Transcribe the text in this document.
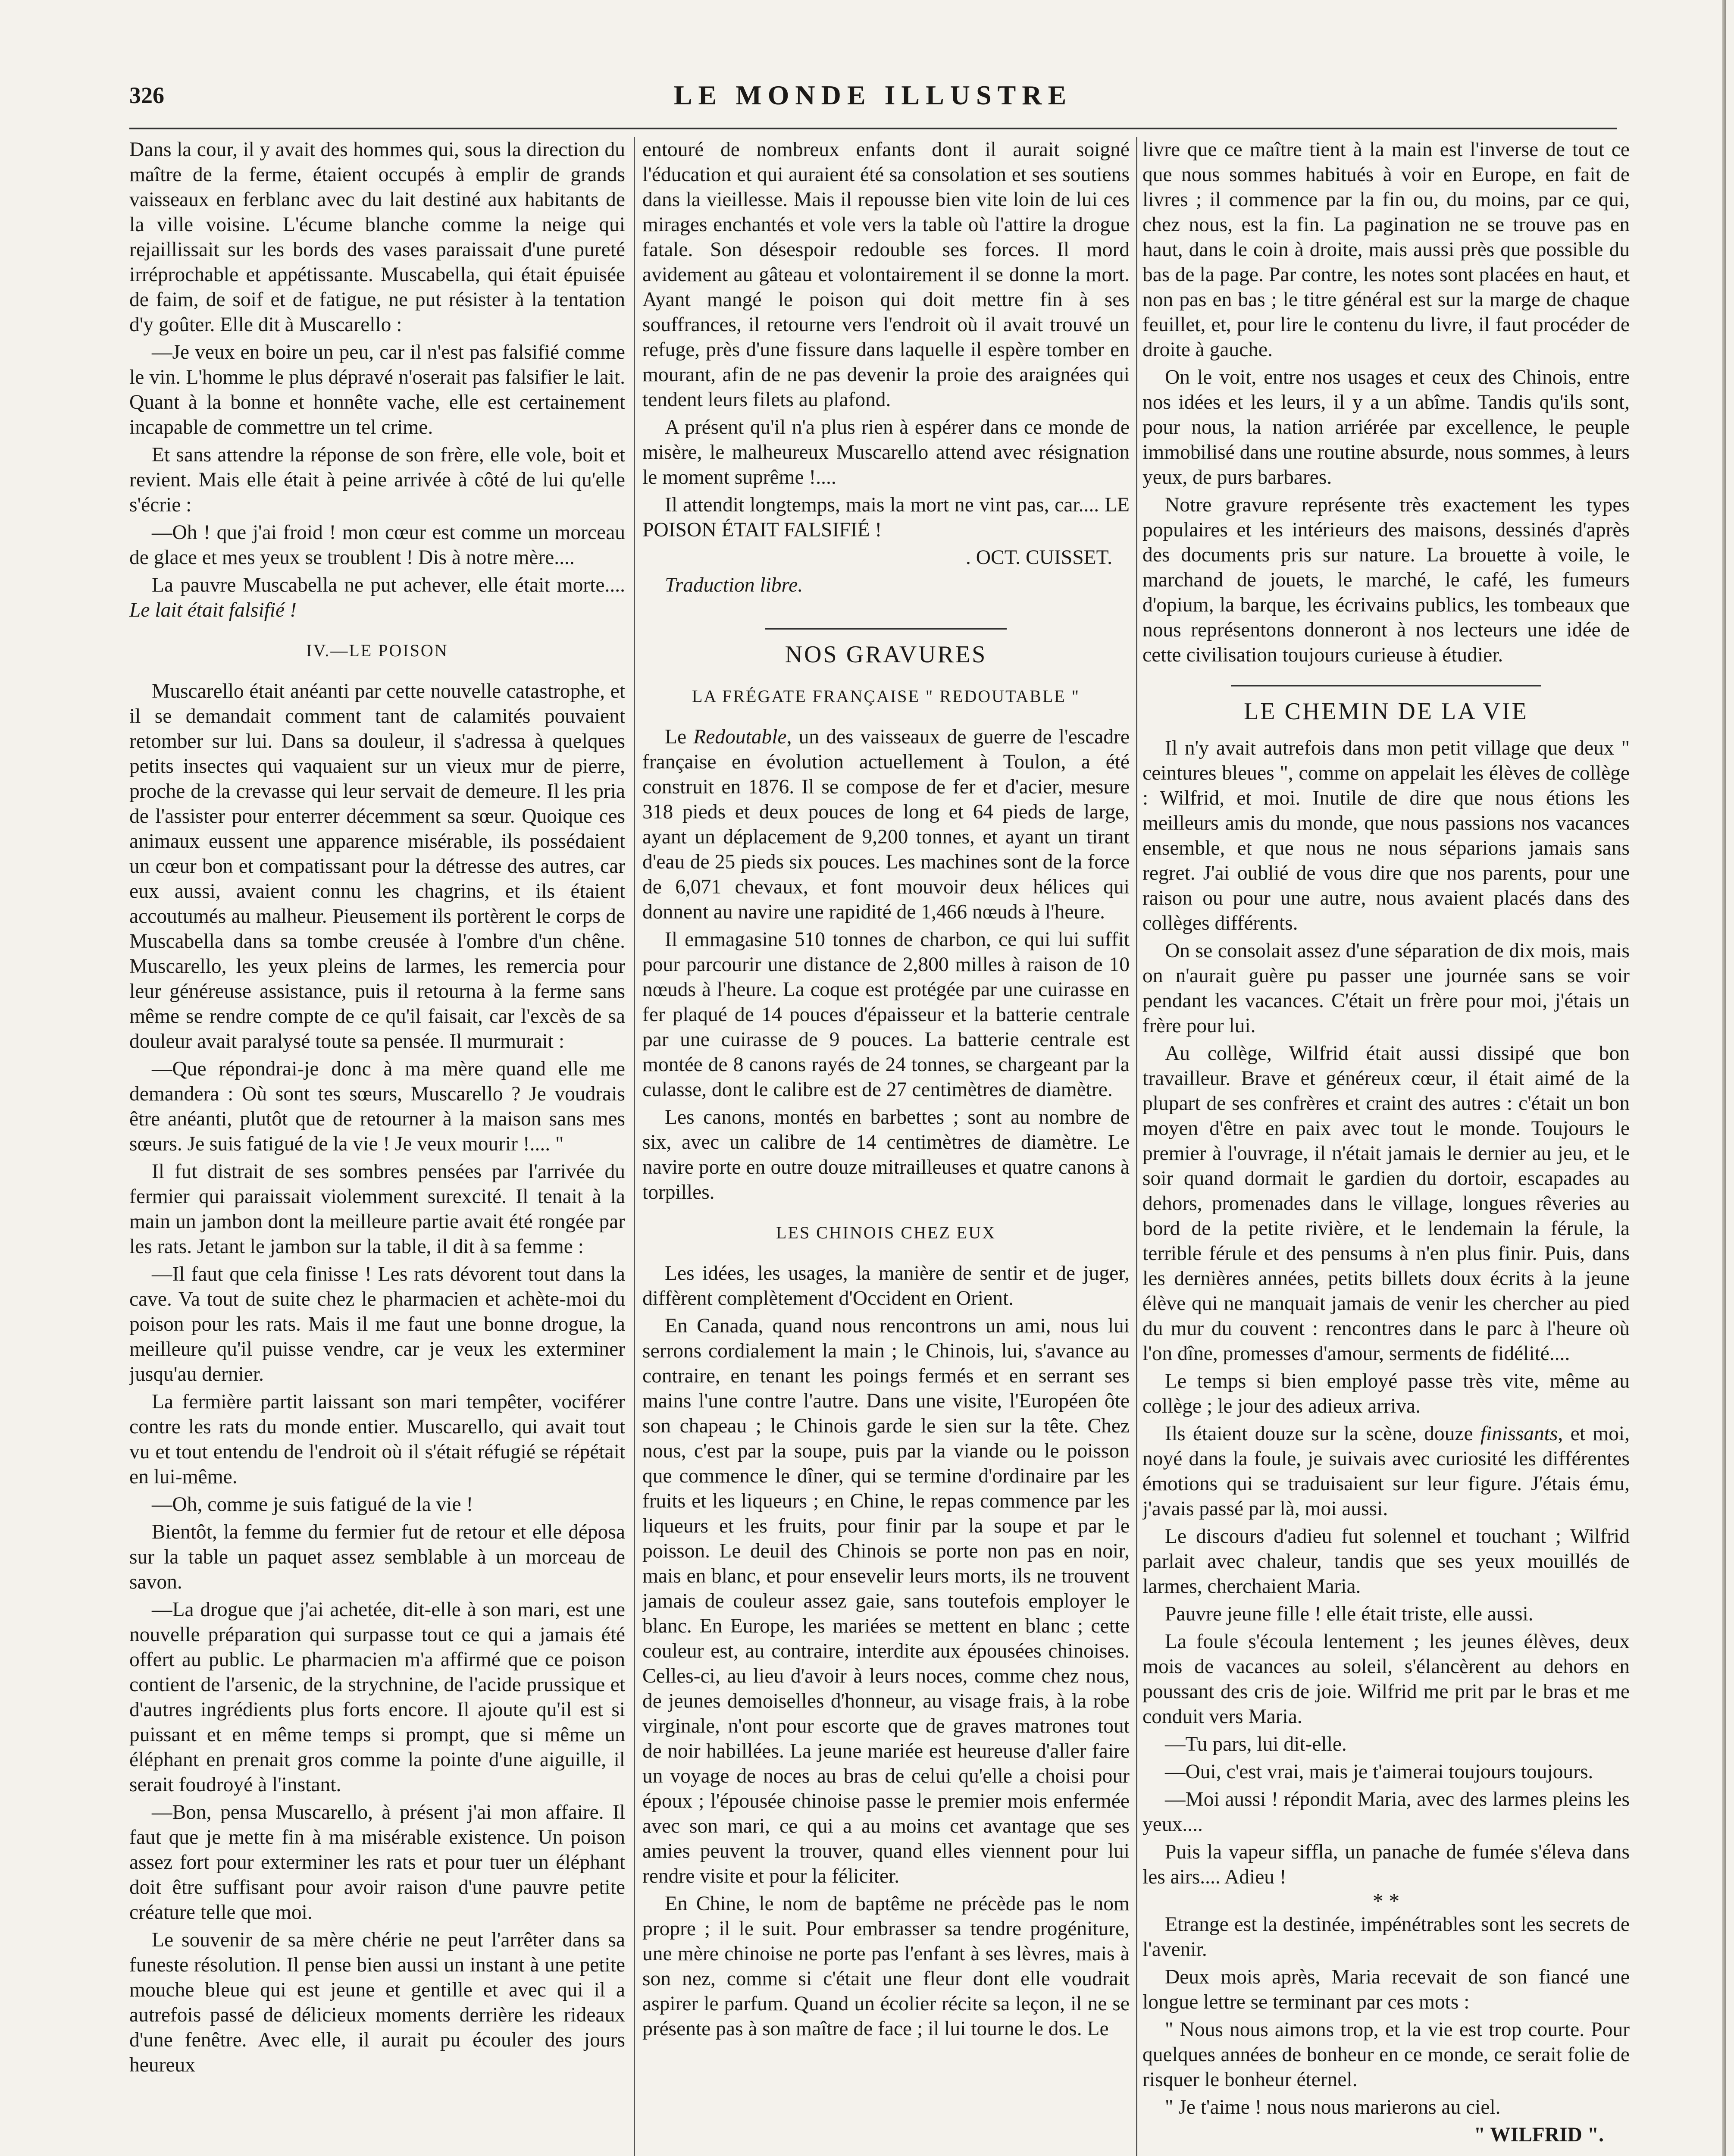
326	LE MONDE ILLUSTRE

Dans la cour, il y avait des hommes qui, sous la direction du maître de la ferme, étaient occupés à emplir de grands vaisseaux en ferblanc avec du lait destiné aux habitants de la ville voisine. L'écume blanche comme la neige qui rejaillissait sur les bords des vases paraissait d'une pureté irréprochable et appétissante. Muscabella, qui était épuisée de faim, de soif et de fatigue, ne put résister à la tentation d'y goûter. Elle dit à Muscarello :

—Je veux en boire un peu, car il n'est pas falsifié comme le vin. L'homme le plus dépravé n'oserait pas falsifier le lait. Quant à la bonne et honnête vache, elle est certainement incapable de commettre un tel crime.

Et sans attendre la réponse de son frère, elle vole, boit et revient. Mais elle était à peine arrivée à côté de lui qu'elle s'écrie :

—Oh ! que j'ai froid ! mon cœur est comme un morceau de glace et mes yeux se troublent ! Dis à notre mère....

La pauvre Muscabella ne put achever, elle était morte.... Le lait était falsifié !

IV.—LE POISON

Muscarello était anéanti par cette nouvelle catastrophe, et il se demandait comment tant de calamités pouvaient retomber sur lui. Dans sa douleur, il s'adressa à quelques petits insectes qui vaquaient sur un vieux mur de pierre, proche de la crevasse qui leur servait de demeure. Il les pria de l'assister pour enterrer décemment sa sœur. Quoique ces animaux eussent une apparence misérable, ils possédaient un cœur bon et compatissant pour la détresse des autres, car eux aussi, avaient connu les chagrins, et ils étaient accoutumés au malheur. Pieusement ils portèrent le corps de Muscabella dans sa tombe creusée à l'ombre d'un chêne. Muscarello, les yeux pleins de larmes, les remercia pour leur généreuse assistance, puis il retourna à la ferme sans même se rendre compte de ce qu'il faisait, car l'excès de sa douleur avait paralysé toute sa pensée. Il murmurait :

—Que répondrai-je donc à ma mère quand elle me demandera : Où sont tes sœurs, Muscarello ? Je voudrais être anéanti, plutôt que de retourner à la maison sans mes sœurs. Je suis fatigué de la vie ! Je veux mourir !.... "

Il fut distrait de ses sombres pensées par l'arrivée du fermier qui paraissait violemment surexcité. Il tenait à la main un jambon dont la meilleure partie avait été rongée par les rats. Jetant le jambon sur la table, il dit à sa femme :

—Il faut que cela finisse ! Les rats dévorent tout dans la cave. Va tout de suite chez le pharmacien et achète-moi du poison pour les rats. Mais il me faut une bonne drogue, la meilleure qu'il puisse vendre, car je veux les exterminer jusqu'au dernier.

La fermière partit laissant son mari tempêter, vociférer contre les rats du monde entier. Muscarello, qui avait tout vu et tout entendu de l'endroit où il s'était réfugié se répétait en lui-même.

—Oh, comme je suis fatigué de la vie !

Bientôt, la femme du fermier fut de retour et elle déposa sur la table un paquet assez semblable à un morceau de savon.

—La drogue que j'ai achetée, dit-elle à son mari, est une nouvelle préparation qui surpasse tout ce qui a jamais été offert au public. Le pharmacien m'a affirmé que ce poison contient de l'arsenic, de la strychnine, de l'acide prussique et d'autres ingrédients plus forts encore. Il ajoute qu'il est si puissant et en même temps si prompt, que si même un éléphant en prenait gros comme la pointe d'une aiguille, il serait foudroyé à l'instant.

—Bon, pensa Muscarello, à présent j'ai mon affaire. Il faut que je mette fin à ma misérable existence. Un poison assez fort pour exterminer les rats et pour tuer un éléphant doit être suffisant pour avoir raison d'une pauvre petite créature telle que moi.

Le souvenir de sa mère chérie ne peut l'arrêter dans sa funeste résolution. Il pense bien aussi un instant à une petite mouche bleue qui est jeune et gentille et avec qui il a autrefois passé de délicieux moments derrière les rideaux d'une fenêtre. Avec elle, il aurait pu écouler des jours heureux

entouré de nombreux enfants dont il aurait soigné l'éducation et qui auraient été sa consolation et ses soutiens dans la vieillesse. Mais il repousse bien vite loin de lui ces mirages enchantés et vole vers la table où l'attire la drogue fatale. Son désespoir redouble ses forces. Il mord avidement au gâteau et volontairement il se donne la mort. Ayant mangé le poison qui doit mettre fin à ses souffrances, il retourne vers l'endroit où il avait trouvé un refuge, près d'une fissure dans laquelle il espère tomber en mourant, afin de ne pas devenir la proie des araignées qui tendent leurs filets au plafond.

A présent qu'il n'a plus rien à espérer dans ce monde de misère, le malheureux Muscarello attend avec résignation le moment suprême !....

Il attendit longtemps, mais la mort ne vint pas, car.... LE POISON ÉTAIT FALSIFIÉ !

. OCT. CUISSET.

Traduction libre.

NOS GRAVURES
LA FRÉGATE FRANÇAISE " REDOUTABLE "

Le Redoutable, un des vaisseaux de guerre de l'escadre française en évolution actuellement à Toulon, a été construit en 1876. Il se compose de fer et d'acier, mesure 318 pieds et deux pouces de long et 64 pieds de large, ayant un déplacement de 9,200 tonnes, et ayant un tirant d'eau de 25 pieds six pouces. Les machines sont de la force de 6,071 chevaux, et font mouvoir deux hélices qui donnent au navire une rapidité de 1,466 nœuds à l'heure.

Il emmagasine 510 tonnes de charbon, ce qui lui suffit pour parcourir une distance de 2,800 milles à raison de 10 nœuds à l'heure. La coque est protégée par une cuirasse en fer plaqué de 14 pouces d'épaisseur et la batterie centrale par une cuirasse de 9 pouces. La batterie centrale est montée de 8 canons rayés de 24 tonnes, se chargeant par la culasse, dont le calibre est de 27 centimètres de diamètre.

Les canons, montés en barbettes ; sont au nombre de six, avec un calibre de 14 centimètres de diamètre. Le navire porte en outre douze mitrailleuses et quatre canons à torpilles.

LES CHINOIS CHEZ EUX

Les idées, les usages, la manière de sentir et de juger, diffèrent complètement d'Occident en Orient.

En Canada, quand nous rencontrons un ami, nous lui serrons cordialement la main ; le Chinois, lui, s'avance au contraire, en tenant les poings fermés et en serrant ses mains l'une contre l'autre. Dans une visite, l'Européen ôte son chapeau ; le Chinois garde le sien sur la tête. Chez nous, c'est par la soupe, puis par la viande ou le poisson que commence le dîner, qui se termine d'ordinaire par les fruits et les liqueurs ; en Chine, le repas commence par les liqueurs et les fruits, pour finir par la soupe et par le poisson. Le deuil des Chinois se porte non pas en noir, mais en blanc, et pour ensevelir leurs morts, ils ne trouvent jamais de couleur assez gaie, sans toutefois employer le blanc. En Europe, les mariées se mettent en blanc ; cette couleur est, au contraire, interdite aux épousées chinoises. Celles-ci, au lieu d'avoir à leurs noces, comme chez nous, de jeunes demoiselles d'honneur, au visage frais, à la robe virginale, n'ont pour escorte que de graves matrones tout de noir habillées. La jeune mariée est heureuse d'aller faire un voyage de noces au bras de celui qu'elle a choisi pour époux ; l'épousée chinoise passe le premier mois enfermée avec son mari, ce qui a au moins cet avantage que ses amies peuvent la trouver, quand elles viennent pour lui rendre visite et pour la féliciter.

En Chine, le nom de baptême ne précède pas le nom propre ; il le suit. Pour embrasser sa tendre progéniture, une mère chinoise ne porte pas l'enfant à ses lèvres, mais à son nez, comme si c'était une fleur dont elle voudrait aspirer le parfum. Quand un écolier récite sa leçon, il ne se présente pas à son maître de face ; il lui tourne le dos. Le

livre que ce maître tient à la main est l'inverse de tout ce que nous sommes habitués à voir en Europe, en fait de livres ; il commence par la fin ou, du moins, par ce qui, chez nous, est la fin. La pagination ne se trouve pas en haut, dans le coin à droite, mais aussi près que possible du bas de la page. Par contre, les notes sont placées en haut, et non pas en bas ; le titre général est sur la marge de chaque feuillet, et, pour lire le contenu du livre, il faut procéder de droite à gauche.

On le voit, entre nos usages et ceux des Chinois, entre nos idées et les leurs, il y a un abîme. Tandis qu'ils sont, pour nous, la nation arriérée par excellence, le peuple immobilisé dans une routine absurde, nous sommes, à leurs yeux, de purs barbares.

Notre gravure représente très exactement les types populaires et les intérieurs des maisons, dessinés d'après des documents pris sur nature. La brouette à voile, le marchand de jouets, le marché, le café, les fumeurs d'opium, la barque, les écrivains publics, les tombeaux que nous représentons donneront à nos lecteurs une idée de cette civilisation toujours curieuse à étudier.

LE CHEMIN DE LA VIE

Il n'y avait autrefois dans mon petit village que deux " ceintures bleues ", comme on appelait les élèves de collège : Wilfrid, et moi. Inutile de dire que nous étions les meilleurs amis du monde, que nous passions nos vacances ensemble, et que nous ne nous séparions jamais sans regret. J'ai oublié de vous dire que nos parents, pour une raison ou pour une autre, nous avaient placés dans des collèges différents.

On se consolait assez d'une séparation de dix mois, mais on n'aurait guère pu passer une journée sans se voir pendant les vacances. C'était un frère pour moi, j'étais un frère pour lui.

Au collège, Wilfrid était aussi dissipé que bon travailleur. Brave et généreux cœur, il était aimé de la plupart de ses confrères et craint des autres : c'était un bon moyen d'être en paix avec tout le monde. Toujours le premier à l'ouvrage, il n'était jamais le dernier au jeu, et le soir quand dormait le gardien du dortoir, escapades au dehors, promenades dans le village, longues rêveries au bord de la petite rivière, et le lendemain la férule, la terrible férule et des pensums à n'en plus finir. Puis, dans les dernières années, petits billets doux écrits à la jeune élève qui ne manquait jamais de venir les chercher au pied du mur du couvent : rencontres dans le parc à l'heure où l'on dîne, promesses d'amour, serments de fidélité....

Le temps si bien employé passe très vite, même au collège ; le jour des adieux arriva.

Ils étaient douze sur la scène, douze finissants, et moi, noyé dans la foule, je suivais avec curiosité les différentes émotions qui se traduisaient sur leur figure. J'étais ému, j'avais passé par là, moi aussi.

Le discours d'adieu fut solennel et touchant ; Wilfrid parlait avec chaleur, tandis que ses yeux mouillés de larmes, cherchaient Maria.

Pauvre jeune fille ! elle était triste, elle aussi.

La foule s'écoula lentement ; les jeunes élèves, deux mois de vacances au soleil, s'élancèrent au dehors en poussant des cris de joie. Wilfrid me prit par le bras et me conduit vers Maria.

—Tu pars, lui dit-elle.

—Oui, c'est vrai, mais je t'aimerai toujours toujours.

—Moi aussi ! répondit Maria, avec des larmes pleins les yeux....

Puis la vapeur siffla, un panache de fumée s'éleva dans les airs.... Adieu !

* *

Etrange est la destinée, impénétrables sont les secrets de l'avenir.

Deux mois après, Maria recevait de son fiancé une longue lettre se terminant par ces mots :

" Nous nous aimons trop, et la vie est trop courte. Pour quelques années de bonheur en ce monde, ce serait folie de risquer le bonheur éternel.

" Je t'aime ! nous nous marierons au ciel.

" WILFRID ".
